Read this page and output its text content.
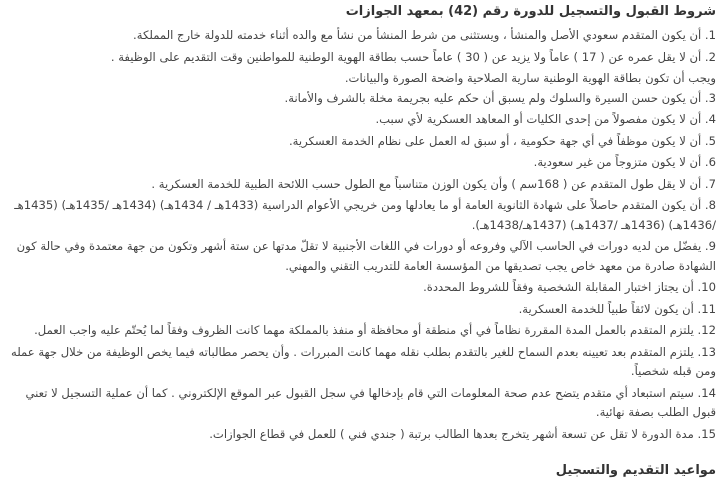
شروط القبول والتسجيل للدورة رقم (42) بمعهد الجوازات
1. أن يكون المتقدم سعودي الأصل والمنشأ ، ويستثنى من شرط المنشأ من نشأ مع والده أثناء خدمته للدولة خارج المملكة.
2. أن لا يقل عمره عن ( 17 ) عاماً ولا يزيد عن ( 30 ) عاماً حسب بطاقة الهوية الوطنية للمواطنين وقت التقديم على الوظيفة .
ويجب أن تكون بطاقة الهوية الوطنية سارية الصلاحية واضحة الصورة والبيانات.
3. أن يكون حسن السيرة والسلوك ولم يسبق أن حكم عليه بجريمة مخلة بالشرف والأمانة.
4. أن لا يكون مفصولاً من إحدى الكليات أو المعاهد العسكرية لأي سبب.
5. أن لا يكون موظفاً في أي جهة حكومية ، أو سبق له العمل على نظام الخدمة العسكرية.
6. أن لا يكون متزوجاً من غير سعودية.
7. أن لا يقل طول المتقدم عن ( 168سم ) وأن يكون الوزن متناسباً مع الطول حسب اللائحة الطبية للخدمة العسكرية .
8. أن يكون المتقدم حاصلاً على شهادة الثانوية العامة أو ما يعادلها ومن خريجي الأعوام الدراسية (1433هـ / 1434هـ) (1434هـ /1435هـ) (1435هـ /1436هـ) (1436هـ /1437هـ) (1437هـ/1438هـ).
9. يفضّل من لديه دورات في الحاسب الآلي وفروعه أو دورات في اللغات الأجنبية لا تقلّ مدتها عن ستة أشهر وتكون من جهة معتمدة وفي حالة كون الشهادة صادرة من معهد خاص يجب تصديقها من المؤسسة العامة للتدريب التقني والمهني.
10. أن يجتاز اختبار المقابلة الشخصية وفقاً للشروط المحددة.
11. أن يكون لائقاً طبياً للخدمة العسكرية.
12. يلتزم المتقدم بالعمل المدة المقررة نظاماً في أي منطقة أو محافظة أو منفذ بالمملكة مهما كانت الظروف وفقاً لما يُحتّم عليه واجب العمل.
13. يلتزم المتقدم بعد تعيينه بعدم السماح للغير بالتقدم بطلب نقله مهما كانت المبررات . وأن يحصر مطالباته فيما يخص الوظيفة من خلال جهة عمله ومن قبله شخصياً.
14. سيتم استبعاد أي متقدم يتضح عدم صحة المعلومات التي قام بإدخالها في سجل القبول عبر الموقع الإلكتروني . كما أن عملية التسجيل لا تعني قبول الطلب بصفة نهائية.
15. مدة الدورة لا تقل عن تسعة أشهر يتخرج بعدها الطالب برتبة ( جندي فني ) للعمل في قطاع الجوازات.
مواعيد التقديم والتسجيل
